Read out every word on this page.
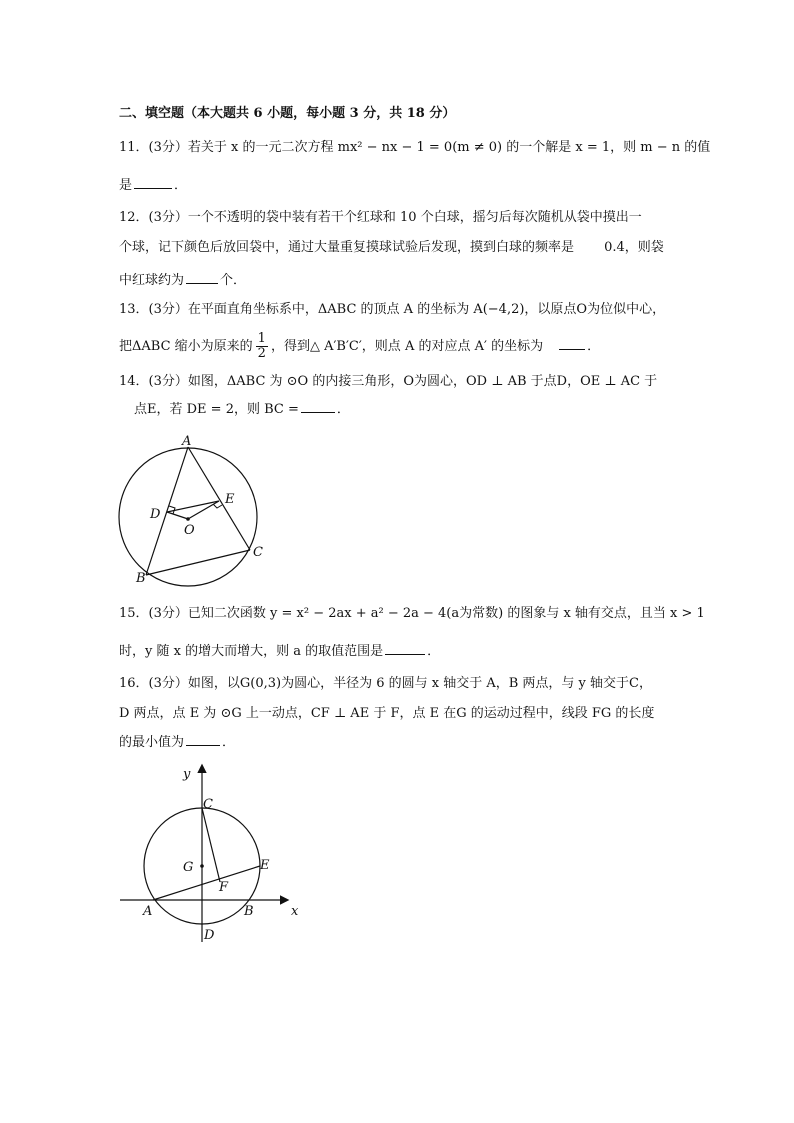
二、填空题（本大题共 6 小题，每小题 3 分，共 18 分）
11．(3分）若关于 x 的一元二次方程 mx² − nx − 1 = 0(m ≠ 0) 的一个解是 x = 1，则 m − n 的值
是	．
12．(3分）一个不透明的袋中装有若干个红球和 10 个白球，摇匀后每次随机从袋中摸出一
个球，记下颜色后放回袋中，通过大量重复摸球试验后发现，摸到白球的频率是　　 0.4，则袋
中红球约为	个．
13．(3分）在平面直角坐标系中，ΔABC 的顶点 A 的坐标为 A(−4,2)，以原点O为位似中心，
把ΔABC 缩小为原来的 $\frac{1}{2}$ ，得到△ A′B′C′，则点 A 的对应点 A′ 的坐标为	．
14．(3分）如图，ΔABC 为 ⊙O 的内接三角形，O为圆心，OD ⊥ AB 于点D，OE ⊥ AC 于
点E，若 DE = 2，则 BC =	．
A
B
C
D
E
O
15．(3分）已知二次函数 y = x² − 2ax + a² − 2a − 4(a为常数) 的图象与 x 轴有交点，且当 x > 1
时，y 随 x 的增大而增大，则 a 的取值范围是	．
16．(3分）如图，以G(0,3)为圆心，半径为 6 的圆与 x 轴交于 A，B 两点，与 y 轴交于C，
D 两点，点 E 为 ⊙G 上一动点，CF ⊥ AE 于 F，点 E 在G 的运动过程中，线段 FG 的长度
的最小值为	．
x
y
C
G	E
F
A	B
D
